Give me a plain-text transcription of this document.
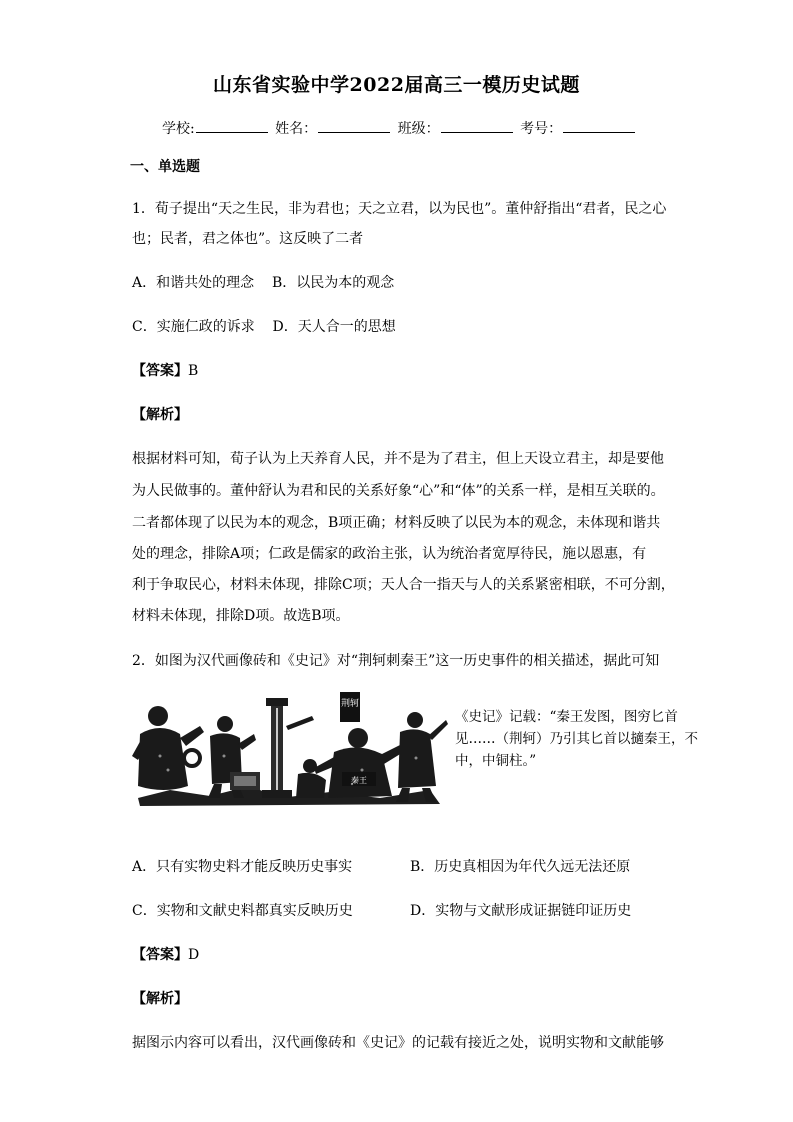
山东省实验中学2022届高三一模历史试题
学校:	姓名：	班级：	考号：
一、单选题
1．荀子提出“天之生民，非为君也；天之立君，以为民也”。董仲舒指出“君者，民之心
也；民者，君之体也”。这反映了二者
A．和谐共处的理念 B．以民为本的观念
C．实施仁政的诉求 D．天人合一的思想
【答案】B
【解析】
根据材料可知，荀子认为上天养育人民，并不是为了君主，但上天设立君主，却是要他
为人民做事的。董仲舒认为君和民的关系好象“心”和“体”的关系一样，是相互关联的。
二者都体现了以民为本的观念，B项正确；材料反映了以民为本的观念，未体现和谐共
处的理念，排除A项；仁政是儒家的政治主张，认为统治者宽厚待民，施以恩惠，有
利于争取民心，材料未体现，排除C项；天人合一指天与人的关系紧密相联，不可分割，
材料未体现，排除D项。故选B项。
2．如图为汉代画像砖和《史记》对“荆轲刺秦王”这一历史事件的相关描述，据此可知
荆轲
秦王
《史记》记载：“秦王发图，图穷匕首见……（荆轲）乃引其匕首以擿秦王，不中，中铜柱。”
A．只有实物史料才能反映历史事实	B．历史真相因为年代久远无法还原
C．实物和文献史料都真实反映历史	D．实物与文献形成证据链印证历史
【答案】D
【解析】
据图示内容可以看出，汉代画像砖和《史记》的记载有接近之处，说明实物和文献能够
